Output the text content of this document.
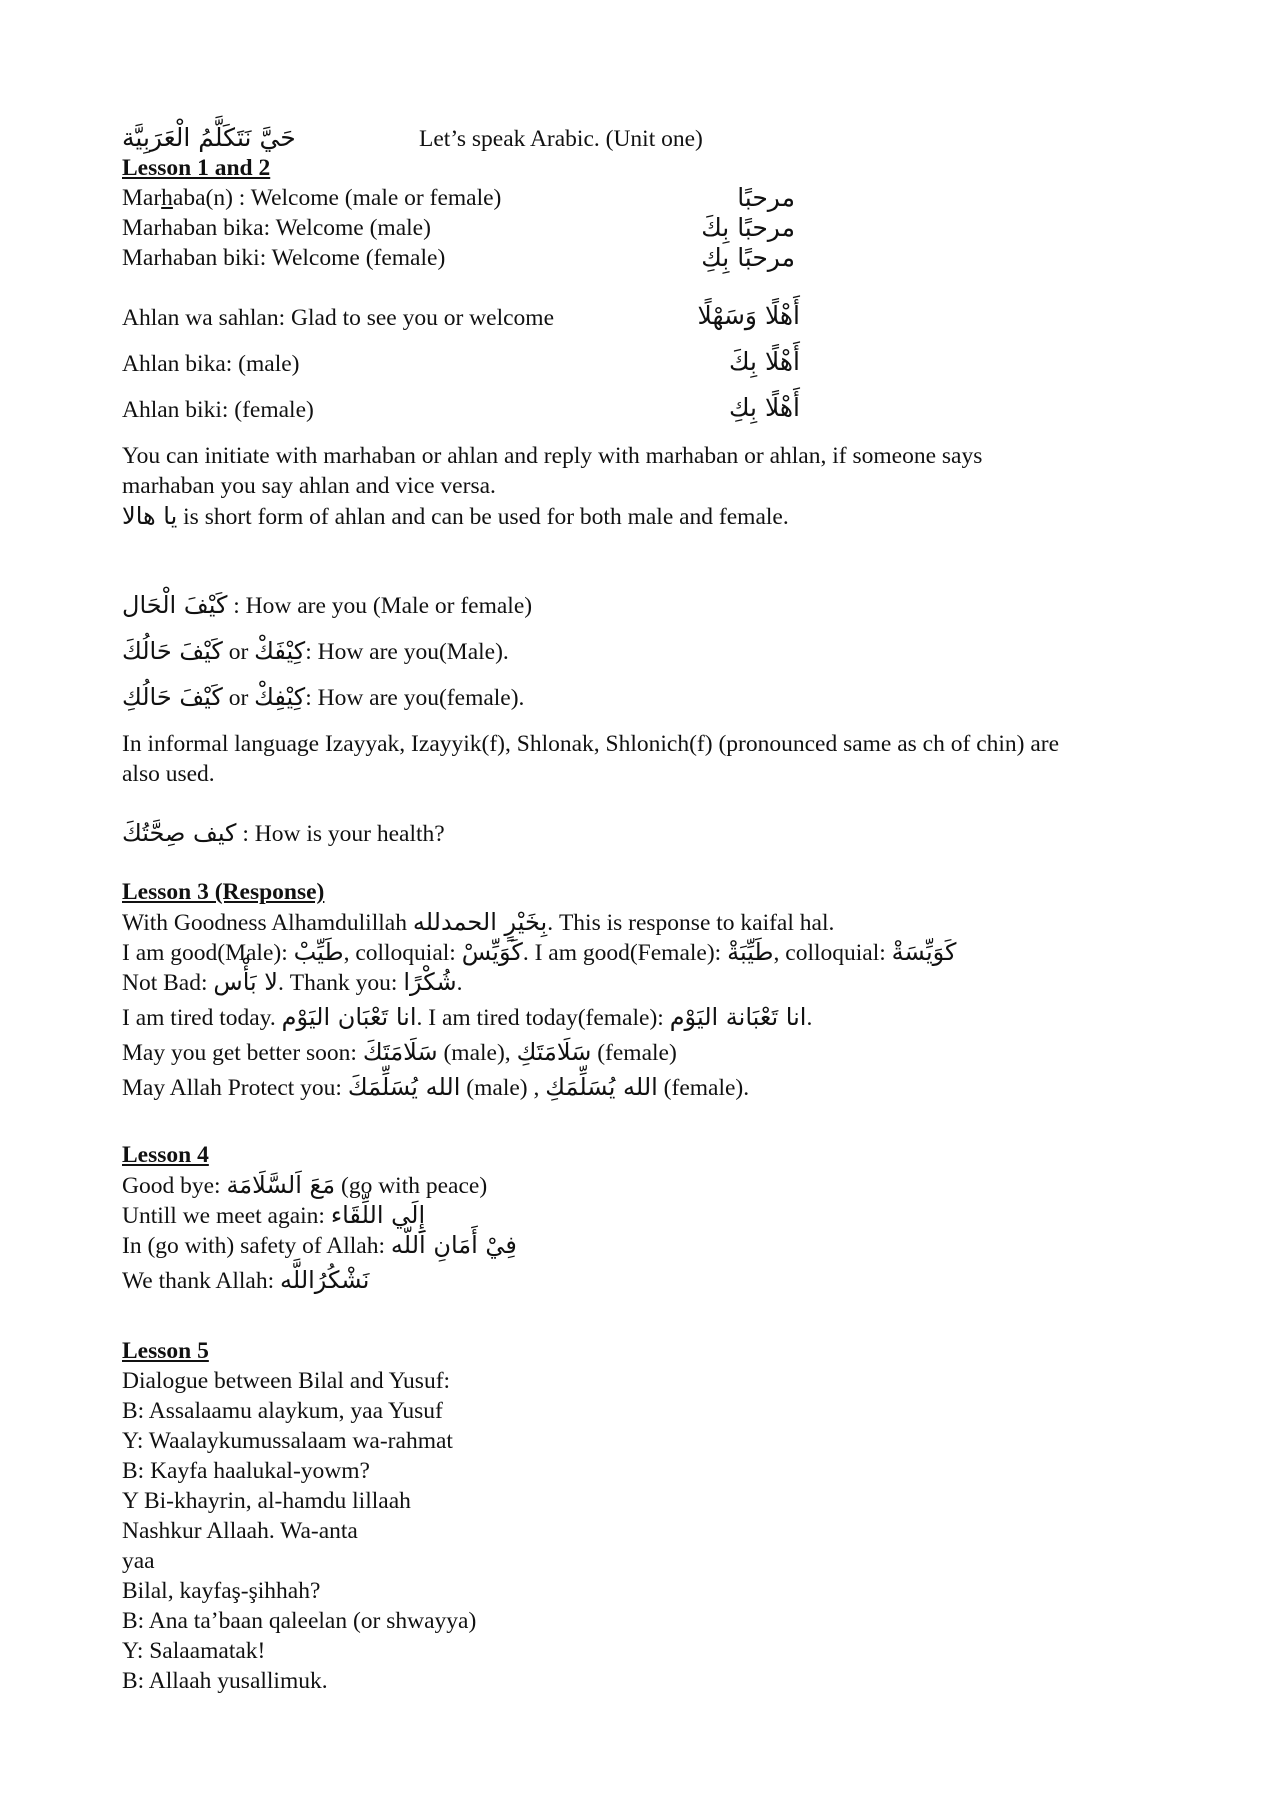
حَيَّ نَتَكَلَّمُ الْعَرَبِيَّة	Let’s speak Arabic. (Unit one)
Lesson 1 and 2
Marhaba(n) : Welcome (male or female)	مرحبًا
Marhaban bika: Welcome (male)	مرحبًا بِكَ
Marhaban biki: Welcome (female)	مرحبًا بِكِ
Ahlan wa sahlan: Glad to see you or welcome	أَهْلًا وَسَهْلًا
Ahlan bika: (male)	أَهْلًا بِكَ
Ahlan biki: (female)	أَهْلًا بِكِ
You can initiate with marhaban or ahlan and reply with marhaban or ahlan, if someone says
marhaban you say ahlan and vice versa.
يا هالا is short form of ahlan and can be used for both male and female.
كَيْفَ الْحَال : How are you (Male or female)
كَيْفَ حَالُكَ or كِيْفَكْ: How are you(Male).
كَيْفَ حَالُكِ or كِيْفِكْ: How are you(female).
In informal language Izayyak, Izayyik(f), Shlonak, Shlonich(f) (pronounced same as ch of chin) are
also used.
كيف صِحَّتُكَ : How is your health?
Lesson 3 (Response)
With Goodness Alhamdulillah بِخَيْرٍ الحمدلله. This is response to kaifal hal.
I am good(Male): طَيِّبْ, colloquial: كَوَيِّسْ. I am good(Female): طَيِّبَةْ, colloquial: كَوَيِّسَةْ
Not Bad: لا بَأْس. Thank you: شُكْرًا.
I am tired today. انا تَعْبَان اليَوْم. I am tired today(female): انا تَعْبَانة اليَوْم.
May you get better soon: سَلَامَتَكَ (male), سَلَامَتَكِ (female)
May Allah Protect you: الله يُسَلِّمَكَ (male) , الله يُسَلِّمَكِ (female).
Lesson 4
Good bye: مَعَ اَلسَّلَامَة (go with peace)
Untill we meet again: إِلَي اللِّقَاء
In (go with) safety of Allah: فِيْ أَمَانِ اَللّه
We thank Allah: نَشْكُرُاللَّه
Lesson 5
Dialogue between Bilal and Yusuf:
B: Assalaamu alaykum, yaa Yusuf
Y: Waalaykumussalaam wa-rahmat
B: Kayfa haalukal-yowm?
Y Bi-khayrin, al-hamdu lillaah
Nashkur Allaah. Wa-anta
yaa
Bilal, kayfaş-şihhah?
B: Ana ta’baan qaleelan (or shwayya)
Y: Salaamatak!
B: Allaah yusallimuk.
